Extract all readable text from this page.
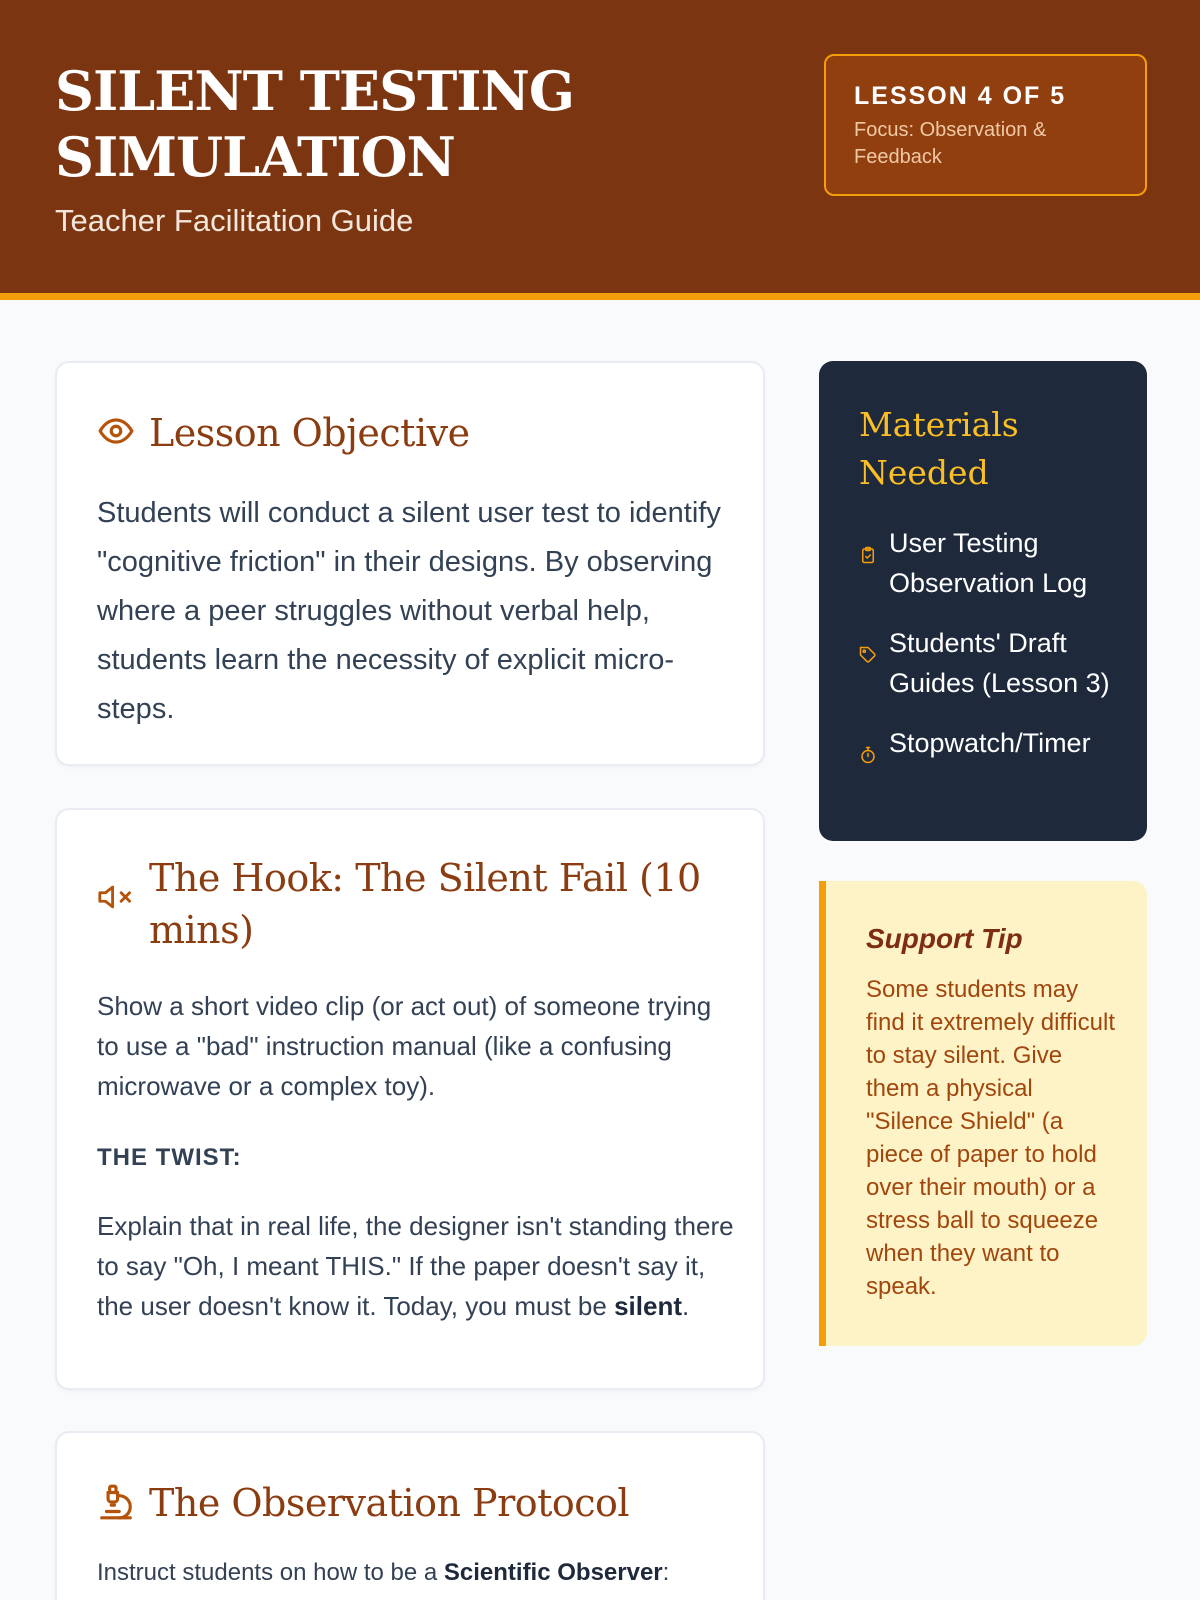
SILENT TESTING
SIMULATION
Teacher Facilitation Guide
LESSON 4 OF 5
Focus: Observation & Feedback
Lesson Objective

Students will conduct a silent user test to identify "cognitive friction" in their designs. By observing where a peer struggles without verbal help, students learn the necessity of explicit micro-steps.

The Hook: The Silent Fail (10 mins)

Show a short video clip (or act out) of someone trying to use a "bad" instruction manual (like a confusing microwave or a complex toy).

THE TWIST:

Explain that in real life, the designer isn't standing there to say "Oh, I meant THIS." If the paper doesn't say it, the user doesn't know it. Today, you must be silent.

The Observation Protocol

Instruct students on how to be a Scientific Observer:

Materials Needed
User Testing Observation Log
Students' Draft Guides (Lesson 3)
Stopwatch/Timer
Support Tip

Some students may find it extremely difficult to stay silent. Give them a physical "Silence Shield" (a piece of paper to hold over their mouth) or a stress ball to squeeze when they want to speak.
